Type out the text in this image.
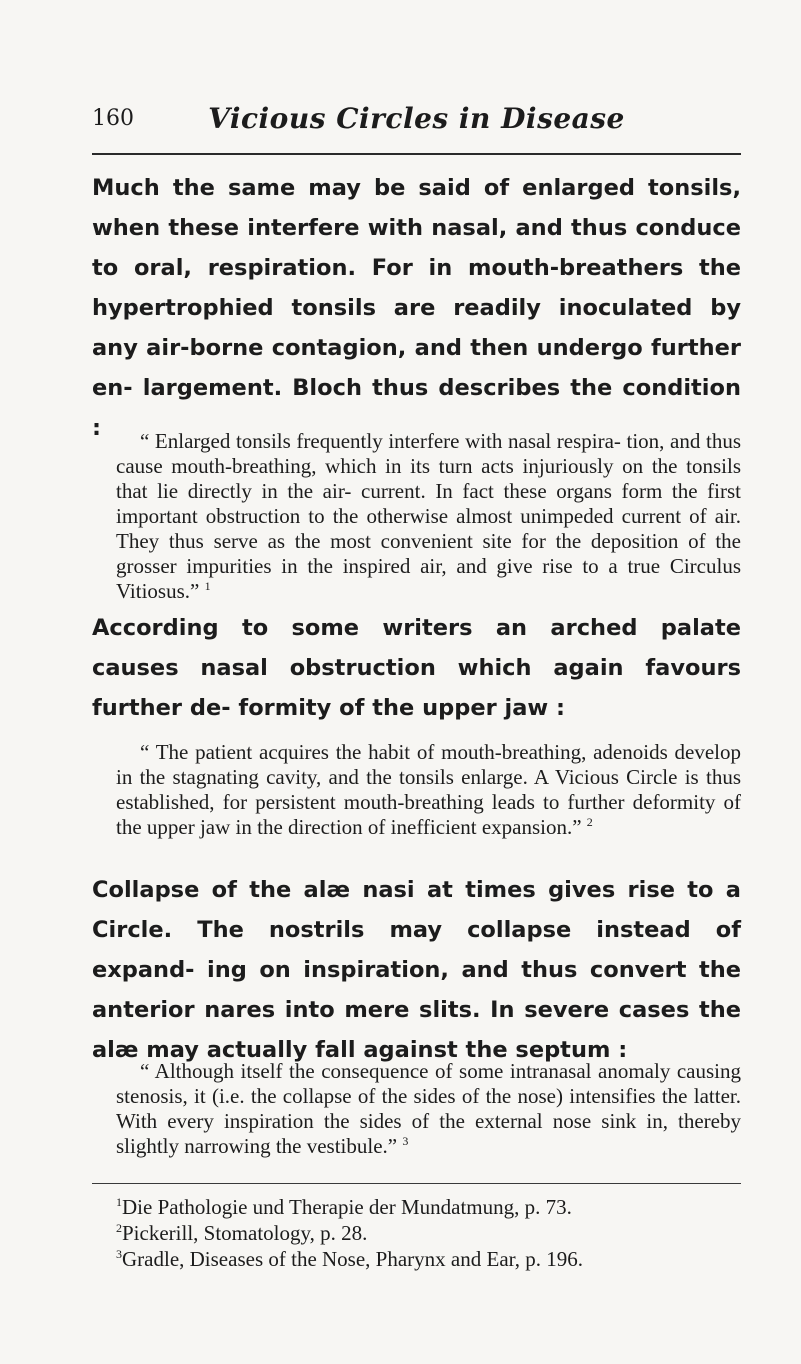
160	Vicious Circles in Disease

Much the same may be said of enlarged tonsils, when these interfere with nasal, and thus conduce to oral, respiration. For in mouth-breathers the hypertrophied tonsils are readily inoculated by any air-borne contagion, and then undergo further en- largement. Bloch thus describes the condition :	“ Enlarged tonsils frequently interfere with nasal respira- tion, and thus cause mouth-breathing, which in its turn acts injuriously on the tonsils that lie directly in the air- current. In fact these organs form the first important obstruction to the otherwise almost unimpeded current of air. They thus serve as the most convenient site for the deposition of the grosser impurities in the inspired air, and give rise to a true Circulus Vitiosus.” $^1$

According to some writers an arched palate causes nasal obstruction which again favours further de- formity of the upper jaw :

“ The patient acquires the habit of mouth-breathing, adenoids develop in the stagnating cavity, and the tonsils enlarge. A Vicious Circle is thus established, for persistent mouth-breathing leads to further deformity of the upper jaw in the direction of inefficient expansion.” $^2$

Collapse of the alæ nasi at times gives rise to a Circle. The nostrils may collapse instead of expand- ing on inspiration, and thus convert the anterior nares into mere slits. In severe cases the alæ may actually fall against the septum :

“ Although itself the consequence of some intranasal anomaly causing stenosis, it (i.e. the collapse of the sides of the nose) intensifies the latter. With every inspiration the sides of the external nose sink in, thereby slightly narrowing the vestibule.” $^3$

$^1$Die Pathologie und Therapie der Mundatmung, p. 73.

$^2$Pickerill, Stomatology, p. 28.

$^3$Gradle, Diseases of the Nose, Pharynx and Ear, p. 196.
